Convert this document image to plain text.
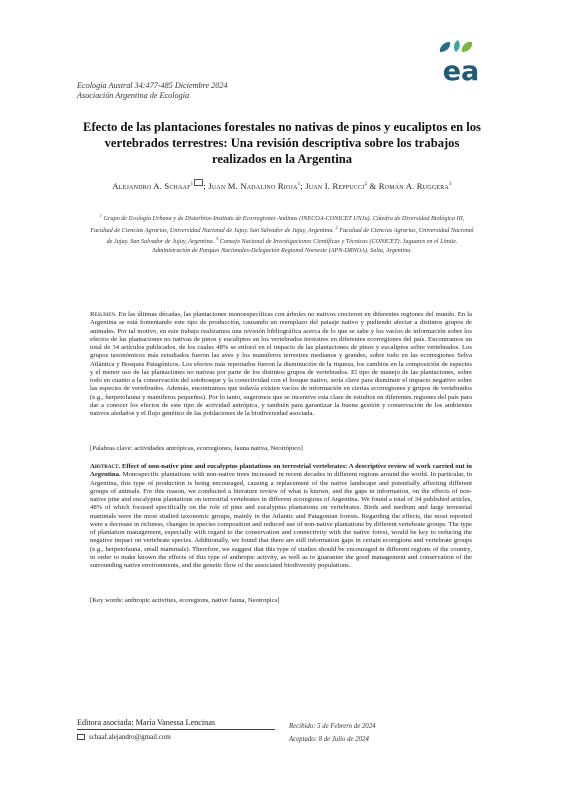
ea
Ecología Austral 34:477-485 Diciembre 2024
Asociación Argentina de Ecología
Efecto de las plantaciones forestales no nativas de pinos y eucaliptos en los vertebrados terrestres: Una revisión descriptiva sobre los trabajos realizados en la Argentina
Alejandro A. Schaaf$^1$ ; Juan M. Nadalino Rioja$^1$; Juan I. Reppucci$^2$ & Román A. Ruggera$^3$
$^1$ Grupo de Ecología Urbana y de Disturbios-Instituto de Ecorregiones Andinas (INECOA-CONICET UNJu). Cátedra de Diversidad Biológica III, Facultad de Ciencias Agrarias, Universidad Nacional de Jujuy. San Salvador de Jujuy, Argentina. $^2$ Facultad de Ciencias Agrarias, Universidad Nacional de Jujuy. San Salvador de Jujuy, Argentina. $^3$ Consejo Nacional de Investigaciones Científicas y Técnicas (CONICET). Jaguares en el Límite. Administración de Parques Nacionales-Delegación Regional Noroeste (APN-DRNOA). Salta, Argentina.
Resumen. En las últimas décadas, las plantaciones monoespecíficas con árboles no nativos crecieron en diferentes regiones del mundo. En la Argentina se está fomentando este tipo de producción, causando un reemplazo del paisaje nativo y pudiendo afectar a distintos grupos de animales. Por tal motivo, en este trabajo realizamos una revisión bibliográfica acerca de lo que se sabe y los vacíos de información sobre los efectos de las plantaciones no nativas de pinos y eucaliptos en los vertebrados terrestres en diferentes ecorregiones del país. Encontramos un total de 34 artículos publicados, de los cuales 48% se enfocó en el impacto de las plantaciones de pinos y eucaliptos sobre vertebrados. Los grupos taxonómicos más estudiados fueron las aves y los mamíferos terrestres medianos y grandes, sobre todo en las ecorregiones Selva Atlántica y Bosques Patagónicos. Los efectos más reportados fueron la disminución de la riqueza, los cambios en la composición de especies y el menor uso de las plantaciones no nativas por parte de los distintos grupos de vertebrados. El tipo de manejo de las plantaciones, sobre todo en cuanto a la conservación del sotobosque y la conectividad con el bosque nativo, sería clave para disminuir el impacto negativo sobre las especies de vertebrados. Además, encontramos que todavía existen vacíos de información en ciertas ecorregiones y grupos de vertebrados (e.g., herpetofauna y mamíferos pequeños). Por lo tanto, sugerimos que se incentive esta clase de estudios en diferentes regiones del país para dar a conocer los efectos de este tipo de actividad antrópica, y también para garantizar la buena gestión y conservación de los ambientes nativos aledaños y el flujo genético de las poblaciones de la biodiversidad asociada.
[Palabras clave: actividades antrópicas, ecorregiones, fauna nativa, Neotrópico]
Abstract. Effect of non-native pine and eucalyptus plantations on terrestrial vertebrates: A descriptive review of work carried out in Argentina. Monospecific plantations with non-native trees increased in recent decades in different regions around the world. In particular, in Argentina, this type of production is being encouraged, causing a replacement of the native landscape and potentially affecting different groups of animals. For this reason, we conducted a literature review of what is known, and the gaps in information, on the effects of non-native pine and eucalyptus plantations on terrestrial vertebrates in different ecoregions of Argentina. We found a total of 34 published articles, 48% of which focused specifically on the role of pine and eucalyptus plantations on vertebrates. Birds and medium and large terrestrial mammals were the most studied taxonomic groups, mainly in the Atlantic and Patagonian forests. Regarding the effects, the most reported were a decrease in richness, changes in species composition and reduced use of non-native plantations by different vertebrate groups. The type of plantation management, especially with regard to the conservation and connectivity with the native forest, would be key to reducing the negative impact on vertebrate species. Additionally, we found that there are still information gaps in certain ecoregions and vertebrate groups (e.g., herpetofauna, small mammals). Therefore, we suggest that this type of studies should be encouraged in different regions of the country, in order to make known the effects of this type of anthropic activity, as well as to guarantee the good management and conservation of the surrounding native environments, and the genetic flow of the associated biodiversity populations.
[Key words: anthropic activities, ecoregions, native fauna, Neotropics]
Editora asociada: María Vanessa Lencinas
schaaf.alejandro@gmail.com
Recibido: 5 de Febrero de 2024
Aceptado: 8 de Julio de 2024
